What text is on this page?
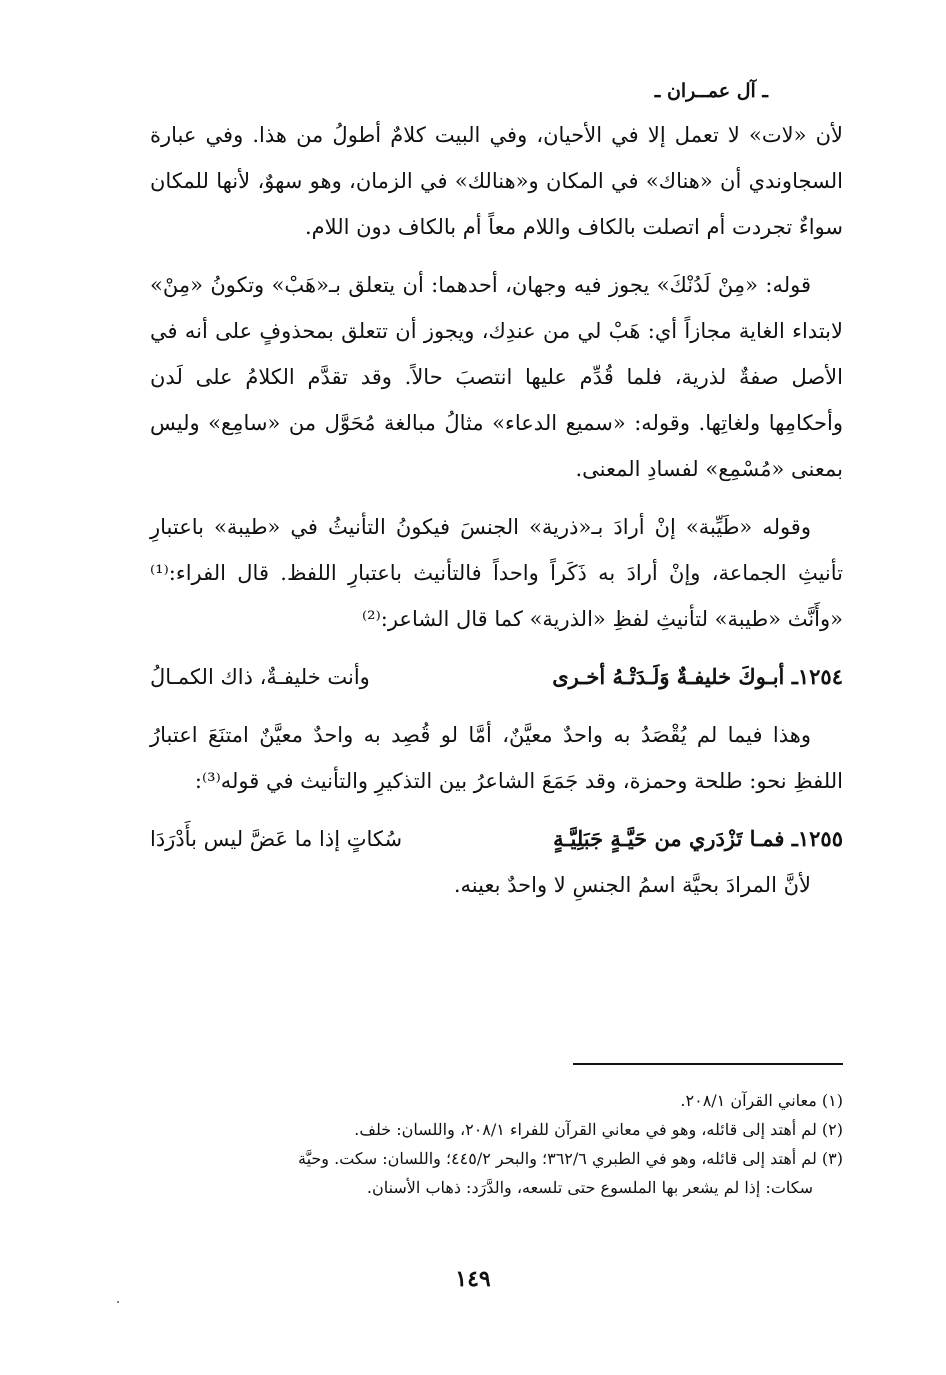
ـ آل عمــران ـ

لأن «لات» لا تعمل إلا في الأحيان، وفي البيت كلامٌ أطولُ من هذا. وفي عبارة السجاوندي أن «هناك» في المكان و«هنالك» في الزمان، وهو سهوٌ، لأنها للمكان سواءٌ تجردت أم اتصلت بالكاف واللام معاً أم بالكاف دون اللام.

قوله: «مِنْ لَدُنْكَ» يجوز فيه وجهان، أحدهما: أن يتعلق بـ«هَبْ» وتكونُ «مِنْ» لابتداء الغاية مجازاً أي: هَبْ لي من عندِك، ويجوز أن تتعلق بمحذوفٍ على أنه في الأصل صفةٌ لذرية، فلما قُدِّم عليها انتصبَ حالاً. وقد تقدَّم الكلامُ على لَدن وأحكامِها ولغاتِها. وقوله: «سميع الدعاء» مثالُ مبالغة مُحَوَّل من «سامِع» وليس بمعنى «مُسْمِع» لفسادِ المعنى.

وقوله «طَيِّبة» إنْ أرادَ بـ«ذرية» الجنسَ فيكونُ التأنيثُ في «طيبة» باعتبارِ تأنيثِ الجماعة، وإنْ أرادَ به ذَكَراً واحداً فالتأنيث باعتبارِ اللفظ. قال الفراء:⁽¹⁾ «وأَنَّث «طيبة» لتأنيثِ لفظِ «الذرية» كما قال الشاعر:⁽²⁾

١٢٥٤ـ أبـوكَ خليفـةٌ وَلَـدَتْـهُ أخـرى
وأنت خليفـةٌ، ذاك الكمـالُ

وهذا فيما لم يُقْصَدُ به واحدٌ معيَّنٌ، أمَّا لو قُصِد به واحدٌ معيَّنٌ امتنَعَ اعتبارُ اللفظِ نحو: طلحة وحمزة، وقد جَمَعَ الشاعرُ بين التذكيرِ والتأنيث في قوله⁽³⁾:

١٢٥٥ـ فمـا تَزْدَري من حَيَّـةٍ جَبَلِيَّـةٍ
سُكاتٍ إذا ما عَضَّ ليس بأَدْرَدَا

لأنَّ المرادَ بحيَّة اسمُ الجنسِ لا واحدٌ بعينه.

(١) معاني القرآن ٢٠٨/١.

(٢) لم أهتد إلى قائله، وهو في معاني القرآن للفراء ٢٠٨/١، واللسان: خلف.

(٣) لم أهتد إلى قائله، وهو في الطبري ٣٦٢/٦؛ والبحر ٤٤٥/٢؛ واللسان: سكت. وحيَّة

سكات: إذا لم يشعر بها الملسوع حتى تلسعه، والدَّرَد: ذهاب الأسنان.

١٤٩
